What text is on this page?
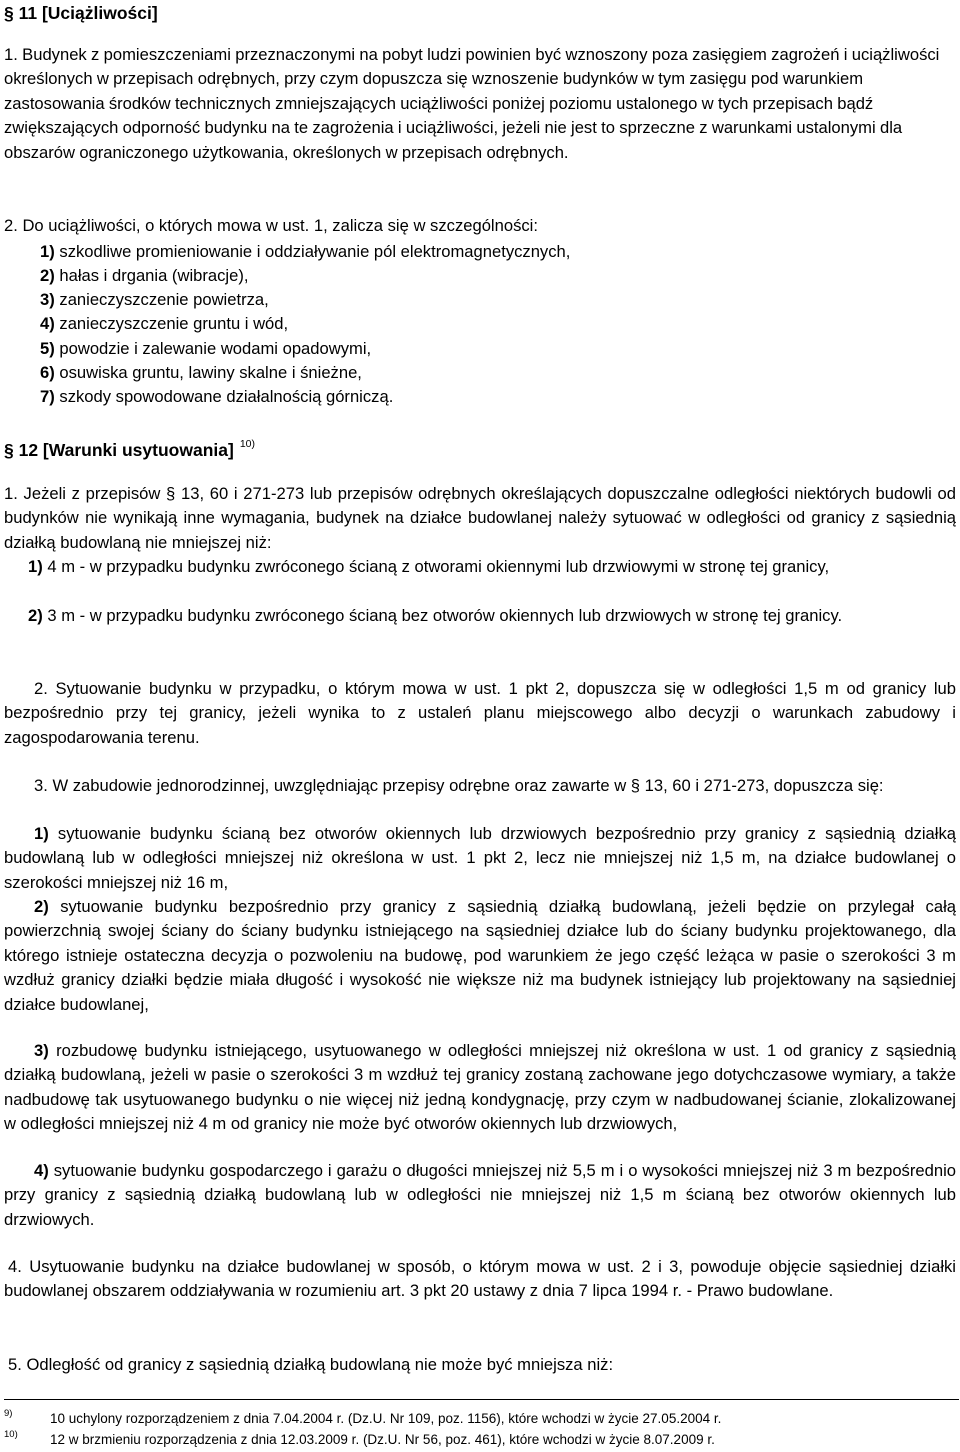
§ 11 [Uciążliwości]
1. Budynek z pomieszczeniami przeznaczonymi na pobyt ludzi powinien być wznoszony poza zasięgiem zagrożeń i uciążliwości określonych w przepisach odrębnych, przy czym dopuszcza się wznoszenie budynków w tym zasięgu pod warunkiem zastosowania środków technicznych zmniejszających uciążliwości poniżej poziomu ustalonego w tych przepisach bądź zwiększających odporność budynku na te zagrożenia i uciążliwości, jeżeli nie jest to sprzeczne z warunkami ustalonymi dla obszarów ograniczonego użytkowania, określonych w przepisach odrębnych.
2. Do uciążliwości, o których mowa w ust. 1, zalicza się w szczególności:
1) szkodliwe promieniowanie i oddziaływanie pól elektromagnetycznych,
2) hałas i drgania (wibracje),
3) zanieczyszczenie powietrza,
4) zanieczyszczenie gruntu i wód,
5) powodzie i zalewanie wodami opadowymi,
6) osuwiska gruntu, lawiny skalne i śnieżne,
7) szkody spowodowane działalnością górniczą.
§ 12 [Warunki usytuowania] $^{10)}$
1. Jeżeli z przepisów § 13, 60 i 271-273 lub przepisów odrębnych określających dopuszczalne odległości niektórych budowli od budynków nie wynikają inne wymagania, budynek na działce budowlanej należy sytuować w odległości od granicy z sąsiednią działką budowlaną nie mniejszej niż:
1) 4 m - w przypadku budynku zwróconego ścianą z otworami okiennymi lub drzwiowymi w stronę tej granicy,
2) 3 m - w przypadku budynku zwróconego ścianą bez otworów okiennych lub drzwiowych w stronę tej granicy.
2. Sytuowanie budynku w przypadku, o którym mowa w ust. 1 pkt 2, dopuszcza się w odległości 1,5 m od granicy lub bezpośrednio przy tej granicy, jeżeli wynika to z ustaleń planu miejscowego albo decyzji o warunkach zabudowy i zagospodarowania terenu.
3. W zabudowie jednorodzinnej, uwzględniając przepisy odrębne oraz zawarte w § 13, 60 i 271-273, dopuszcza się:
1) sytuowanie budynku ścianą bez otworów okiennych lub drzwiowych bezpośrednio przy granicy z sąsiednią działką budowlaną lub w odległości mniejszej niż określona w ust. 1 pkt 2, lecz nie mniejszej niż 1,5 m, na działce budowlanej o szerokości mniejszej niż 16 m,
2) sytuowanie budynku bezpośrednio przy granicy z sąsiednią działką budowlaną, jeżeli będzie on przylegał całą powierzchnią swojej ściany do ściany budynku istniejącego na sąsiedniej działce lub do ściany budynku projektowanego, dla którego istnieje ostateczna decyzja o pozwoleniu na budowę, pod warunkiem że jego część leżąca w pasie o szerokości 3 m wzdłuż granicy działki będzie miała długość i wysokość nie większe niż ma budynek istniejący lub projektowany na sąsiedniej działce budowlanej,
3) rozbudowę budynku istniejącego, usytuowanego w odległości mniejszej niż określona w ust. 1 od granicy z sąsiednią działką budowlaną, jeżeli w pasie o szerokości 3 m wzdłuż tej granicy zostaną zachowane jego dotychczasowe wymiary, a także nadbudowę tak usytuowanego budynku o nie więcej niż jedną kondygnację, przy czym w nadbudowanej ścianie, zlokalizowanej w odległości mniejszej niż 4 m od granicy nie może być otworów okiennych lub drzwiowych,
4) sytuowanie budynku gospodarczego i garażu o długości mniejszej niż 5,5 m i o wysokości mniejszej niż 3 m bezpośrednio przy granicy z sąsiednią działką budowlaną lub w odległości nie mniejszej niż 1,5 m ścianą bez otworów okiennych lub drzwiowych.
4. Usytuowanie budynku na działce budowlanej w sposób, o którym mowa w ust. 2 i 3, powoduje objęcie sąsiedniej działki budowlanej obszarem oddziaływania w rozumieniu art. 3 pkt 20 ustawy z dnia 7 lipca 1994 r. - Prawo budowlane.
5. Odległość od granicy z sąsiednią działką budowlaną nie może być mniejsza niż:
9)	10 uchylony rozporządzeniem z dnia 7.04.2004 r. (Dz.U. Nr 109, poz. 1156), które wchodzi w życie 27.05.2004 r.
10) 12 w brzmieniu rozporządzenia z dnia 12.03.2009 r. (Dz.U. Nr 56, poz. 461), które wchodzi w życie 8.07.2009 r.
